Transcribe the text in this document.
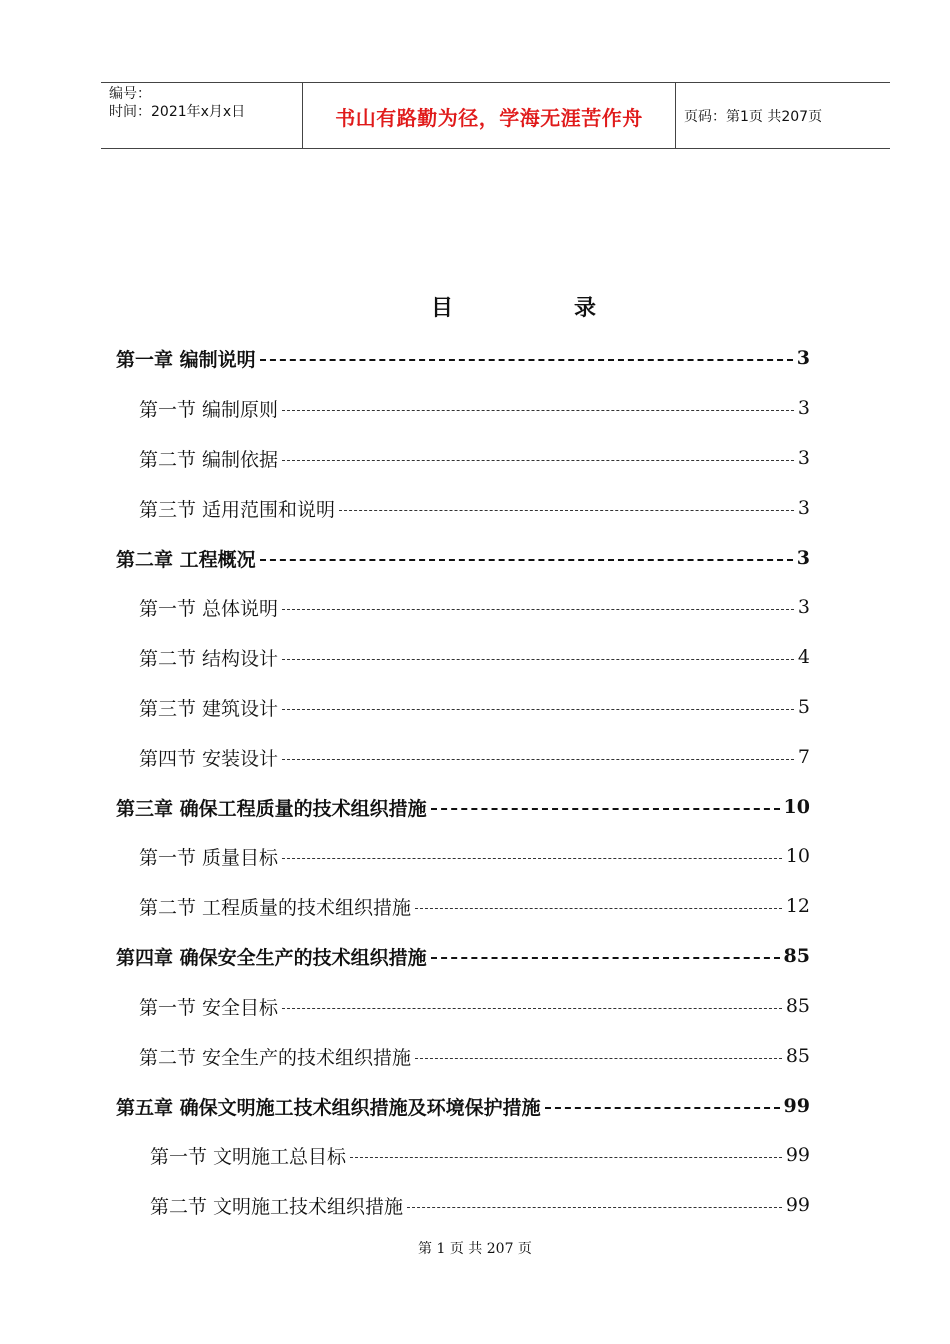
编号：
时间：2021年x月x日	书山有路勤为径，学海无涯苦作舟	页码：第1页 共207页
目	录
第一章 编制说明	3
第一节 编制原则	3
第二节 编制依据	3
第三节 适用范围和说明	3
第二章 工程概况	3
第一节 总体说明	3
第二节 结构设计	4
第三节 建筑设计	5
第四节 安装设计	7
第三章 确保工程质量的技术组织措施	10
第一节 质量目标	10
第二节 工程质量的技术组织措施	12
第四章 确保安全生产的技术组织措施	85
第一节 安全目标	85
第二节 安全生产的技术组织措施	85
第五章 确保文明施工技术组织措施及环境保护措施	99
第一节 文明施工总目标	99
第二节 文明施工技术组织措施	99
第 1 页 共 207 页
